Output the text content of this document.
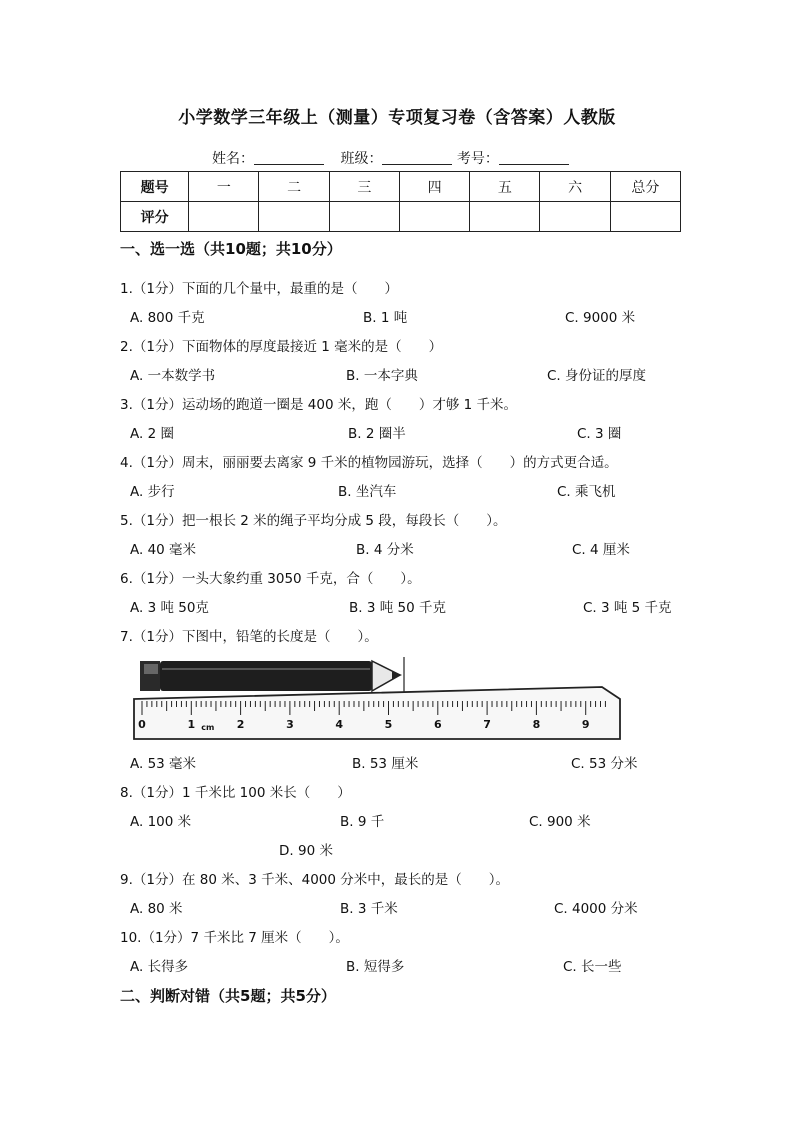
小学数学三年级上（测量）专项复习卷（含答案）人教版
姓名：	班级：	考号：
题号	一	二	三	四	五	六	总分
评分							
一、选一选（共10题；共10分）
1.（1分）下面的几个量中，最重的是（　　）
A. 800 千克	B. 1 吨	C. 9000 米
2.（1分）下面物体的厚度最接近 1 毫米的是（　　）
A. 一本数学书	B. 一本字典	C. 身份证的厚度
3.（1分）运动场的跑道一圈是 400 米，跑（　　）才够 1 千米。
A. 2 圈	B. 2 圈半	C. 3 圈
4.（1分）周末，丽丽要去离家 9 千米的植物园游玩，选择（　　）的方式更合适。
A. 步行	B. 坐汽车	C. 乘飞机
5.（1分）把一根长 2 米的绳子平均分成 5 段，每段长（　　）。
A. 40 毫米	B. 4 分米	C. 4 厘米
6.（1分）一头大象约重 3050 千克，合（　　）。
A. 3 吨 50克	B. 3 吨 50 千克	C. 3 吨 5 千克
7.（1分）下图中，铅笔的长度是（　　）。
0	1	2	3	4	5	6	7	8	9
cm
A. 53 毫米	B. 53 厘米	C. 53 分米
8.（1分）1 千米比 100 米长（　　）
A. 100 米	B. 9 千	C. 900 米
D. 90 米
9.（1分）在 80 米、3 千米、4000 分米中，最长的是（　　）。
A. 80 米	B. 3 千米	C. 4000 分米
10.（1分）7 千米比 7 厘米（　　）。
A. 长得多	B. 短得多	C. 长一些
二、判断对错（共5题；共5分）
